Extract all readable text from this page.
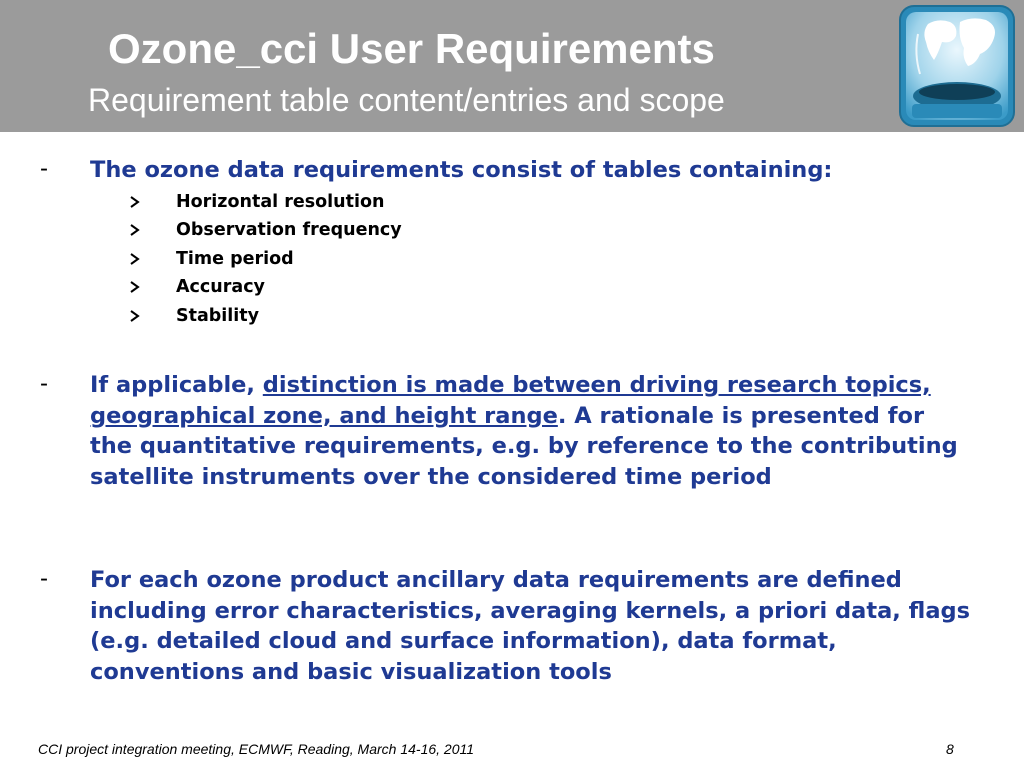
Ozone_cci User Requirements
Requirement table content/entries and scope
- The ozone data requirements consist of tables containing:
Horizontal resolution
Observation frequency
Time period
Accuracy
Stability
- If applicable, distinction is made between driving research topics, geographical zone, and height range. A rationale is presented for the quantitative requirements, e.g. by reference to the contributing satellite instruments over the considered time period
- For each ozone product ancillary data requirements are defined including error characteristics, averaging kernels, a priori data, flags (e.g. detailed cloud and surface information), data format, conventions and basic visualization tools
CCI project integration meeting, ECMWF, Reading, March 14-16, 2011	8
